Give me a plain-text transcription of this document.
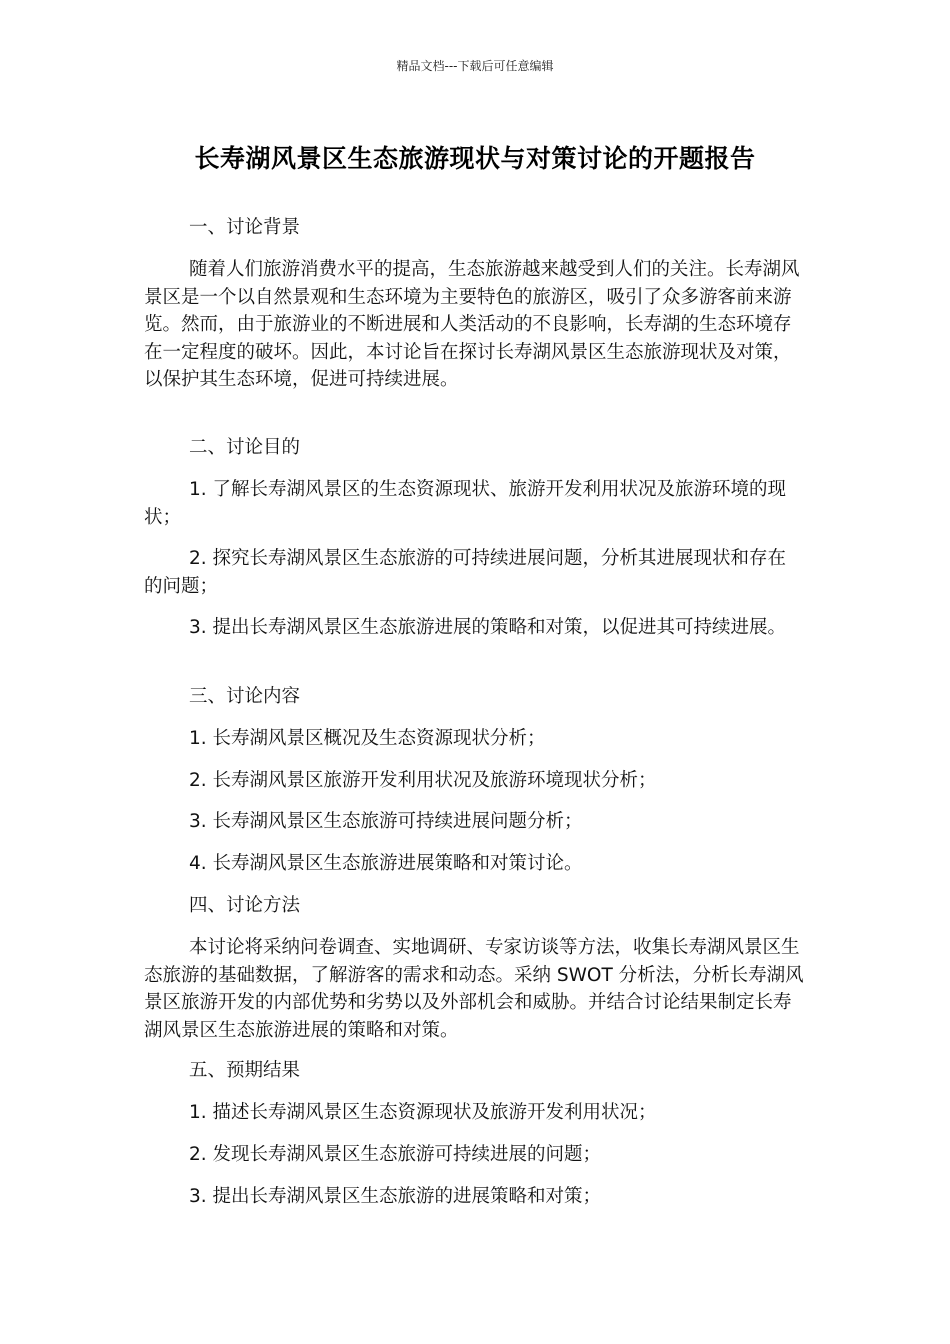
精品文档---下载后可任意编辑
长寿湖风景区生态旅游现状与对策讨论的开题报告

一、讨论背景

随着人们旅游消费水平的提高，生态旅游越来越受到人们的关注。长寿湖风景区是一个以自然景观和生态环境为主要特色的旅游区，吸引了众多游客前来游览。然而，由于旅游业的不断进展和人类活动的不良影响，长寿湖的生态环境存在一定程度的破坏。因此，本讨论旨在探讨长寿湖风景区生态旅游现状及对策，以保护其生态环境，促进可持续进展。

二、讨论目的

1. 了解长寿湖风景区的生态资源现状、旅游开发利用状况及旅游环境的现状；

2. 探究长寿湖风景区生态旅游的可持续进展问题，分析其进展现状和存在的问题；

3. 提出长寿湖风景区生态旅游进展的策略和对策，以促进其可持续进展。

三、讨论内容

1. 长寿湖风景区概况及生态资源现状分析；

2. 长寿湖风景区旅游开发利用状况及旅游环境现状分析；

3. 长寿湖风景区生态旅游可持续进展问题分析；

4. 长寿湖风景区生态旅游进展策略和对策讨论。

四、讨论方法

本讨论将采纳问卷调查、实地调研、专家访谈等方法，收集长寿湖风景区生态旅游的基础数据，了解游客的需求和动态。采纳 SWOT 分析法，分析长寿湖风景区旅游开发的内部优势和劣势以及外部机会和威胁。并结合讨论结果制定长寿湖风景区生态旅游进展的策略和对策。

五、预期结果

1. 描述长寿湖风景区生态资源现状及旅游开发利用状况；

2. 发现长寿湖风景区生态旅游可持续进展的问题；

3. 提出长寿湖风景区生态旅游的进展策略和对策；
